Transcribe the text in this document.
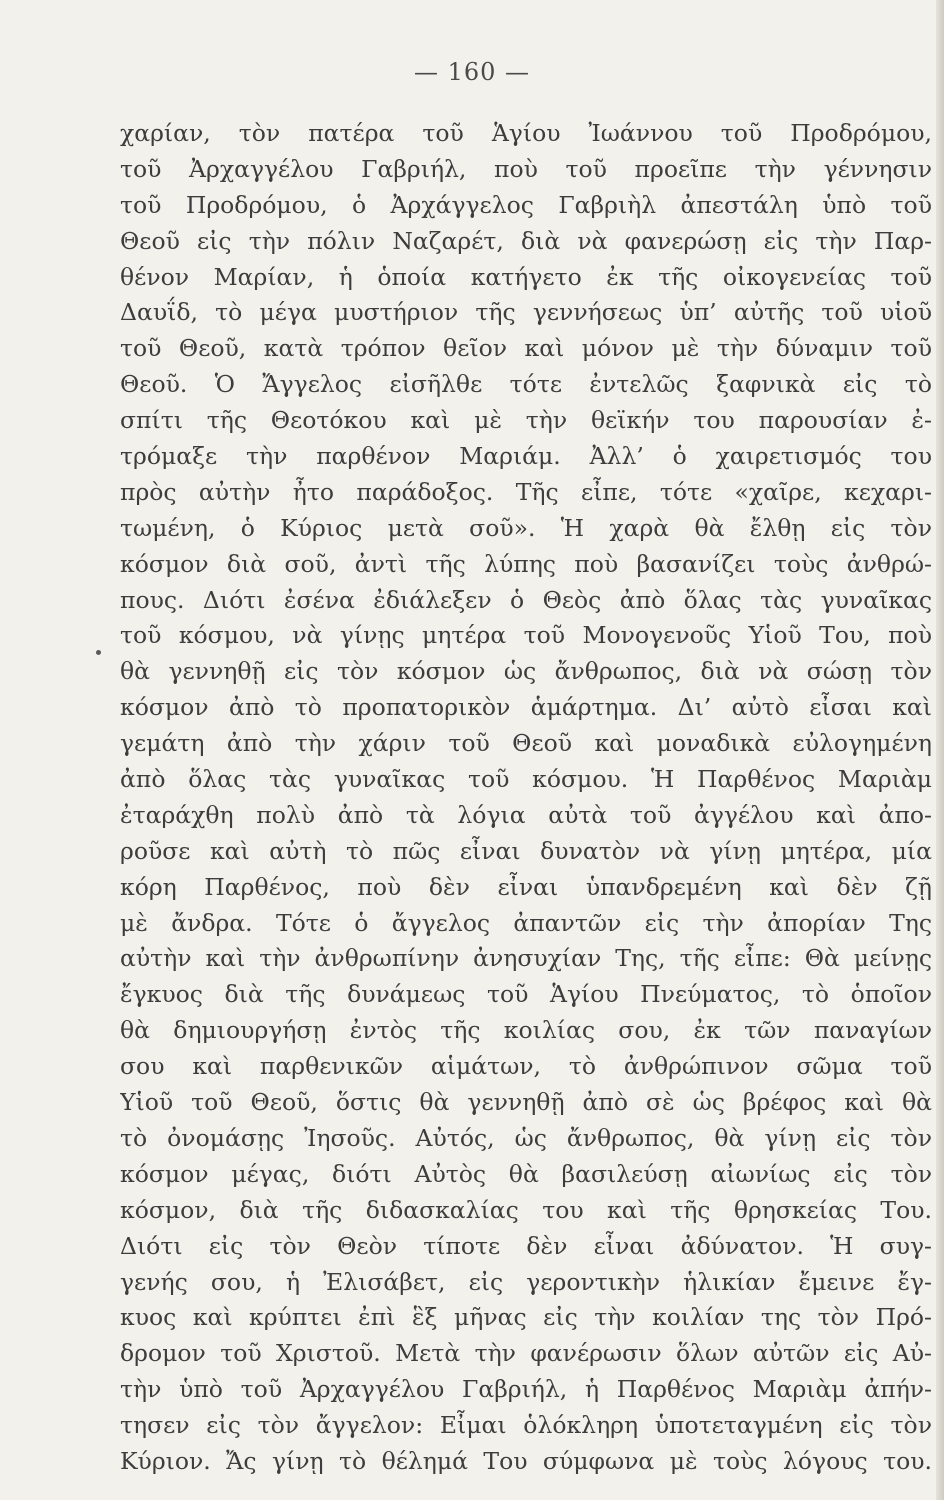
— 160 —
χαρίαν, τὸν πατέρα τοῦ Ἁγίου Ἰωάννου τοῦ Προδρόμου,
τοῦ Ἀρχαγγέλου Γαβριήλ, ποὺ τοῦ προεῖπε τὴν γέννησιν
τοῦ Προδρόμου, ὁ Ἀρχάγγελος Γαβριὴλ ἀπεστάλη ὑπὸ τοῦ
Θεοῦ εἰς τὴν πόλιν Ναζαρέτ, διὰ νὰ φανερώσῃ εἰς τὴν Παρ-
θένον Μαρίαν, ἡ ὁποία κατήγετο ἐκ τῆς οἰκογενείας τοῦ
Δαυΐδ, τὸ μέγα μυστήριον τῆς γεννήσεως ὑπ’ αὐτῆς τοῦ υἱοῦ
τοῦ Θεοῦ, κατὰ τρόπον θεῖον καὶ μόνον μὲ τὴν δύναμιν τοῦ
Θεοῦ. Ὁ Ἄγγελος εἰσῆλθε τότε ἐντελῶς ξαφνικὰ εἰς τὸ
σπίτι τῆς Θεοτόκου καὶ μὲ τὴν θεϊκήν του παρουσίαν ἐ-
τρόμαξε τὴν παρθένον Μαριάμ. Ἀλλ’ ὁ χαιρετισμός του
πρὸς αὐτὴν ἦτο παράδοξος. Τῆς εἶπε, τότε «χαῖρε, κεχαρι-
τωμένη, ὁ Κύριος μετὰ σοῦ». Ἡ χαρὰ θὰ ἔλθῃ εἰς τὸν
κόσμον διὰ σοῦ, ἀντὶ τῆς λύπης ποὺ βασανίζει τοὺς ἀνθρώ-
πους. Διότι ἐσένα ἐδιάλεξεν ὁ Θεὸς ἀπὸ ὅλας τὰς γυναῖκας
τοῦ κόσμου, νὰ γίνῃς μητέρα τοῦ Μονογενοῦς Υἱοῦ Του, ποὺ
θὰ γεννηθῇ εἰς τὸν κόσμον ὡς ἄνθρωπος, διὰ νὰ σώσῃ τὸν
κόσμον ἀπὸ τὸ προπατορικὸν ἁμάρτημα. Δι’ αὐτὸ εἶσαι καὶ
γεμάτη ἀπὸ τὴν χάριν τοῦ Θεοῦ καὶ μοναδικὰ εὐλογημένη
ἀπὸ ὅλας τὰς γυναῖκας τοῦ κόσμου. Ἡ Παρθένος Μαριὰμ
ἐταράχθη πολὺ ἀπὸ τὰ λόγια αὐτὰ τοῦ ἀγγέλου καὶ ἀπο-
ροῦσε καὶ αὐτὴ τὸ πῶς εἶναι δυνατὸν νὰ γίνῃ μητέρα, μία
κόρη Παρθένος, ποὺ δὲν εἶναι ὑπανδρεμένη καὶ δὲν ζῇ
μὲ ἄνδρα. Τότε ὁ ἄγγελος ἀπαντῶν εἰς τὴν ἀπορίαν Της
αὐτὴν καὶ τὴν ἀνθρωπίνην ἀνησυχίαν Της, τῆς εἶπε: Θὰ μείνῃς
ἔγκυος διὰ τῆς δυνάμεως τοῦ Ἁγίου Πνεύματος, τὸ ὁποῖον
θὰ δημιουργήσῃ ἐντὸς τῆς κοιλίας σου, ἐκ τῶν παναγίων
σου καὶ παρθενικῶν αἱμάτων, τὸ ἀνθρώπινον σῶμα τοῦ
Υἱοῦ τοῦ Θεοῦ, ὅστις θὰ γεννηθῇ ἀπὸ σὲ ὡς βρέφος καὶ θὰ
τὸ ὀνομάσῃς Ἰησοῦς. Αὐτός, ὡς ἄνθρωπος, θὰ γίνῃ εἰς τὸν
κόσμον μέγας, διότι Αὐτὸς θὰ βασιλεύσῃ αἰωνίως εἰς τὸν
κόσμον, διὰ τῆς διδασκαλίας του καὶ τῆς θρησκείας Του.
Διότι εἰς τὸν Θεὸν τίποτε δὲν εἶναι ἀδύνατον. Ἡ συγ-
γενής σου, ἡ Ἐλισάβετ, εἰς γεροντικὴν ἡλικίαν ἔμεινε ἔγ-
κυος καὶ κρύπτει ἐπὶ ἓξ μῆνας εἰς τὴν κοιλίαν της τὸν Πρό-
δρομον τοῦ Χριστοῦ. Μετὰ τὴν φανέρωσιν ὅλων αὐτῶν εἰς Αὐ-
τὴν ὑπὸ τοῦ Ἀρχαγγέλου Γαβριήλ, ἡ Παρθένος Μαριὰμ ἀπήν-
τησεν εἰς τὸν ἄγγελον: Εἶμαι ὁλόκληρη ὑποτεταγμένη εἰς τὸν
Κύριον. Ἄς γίνῃ τὸ θέλημά Του σύμφωνα μὲ τοὺς λόγους του.
